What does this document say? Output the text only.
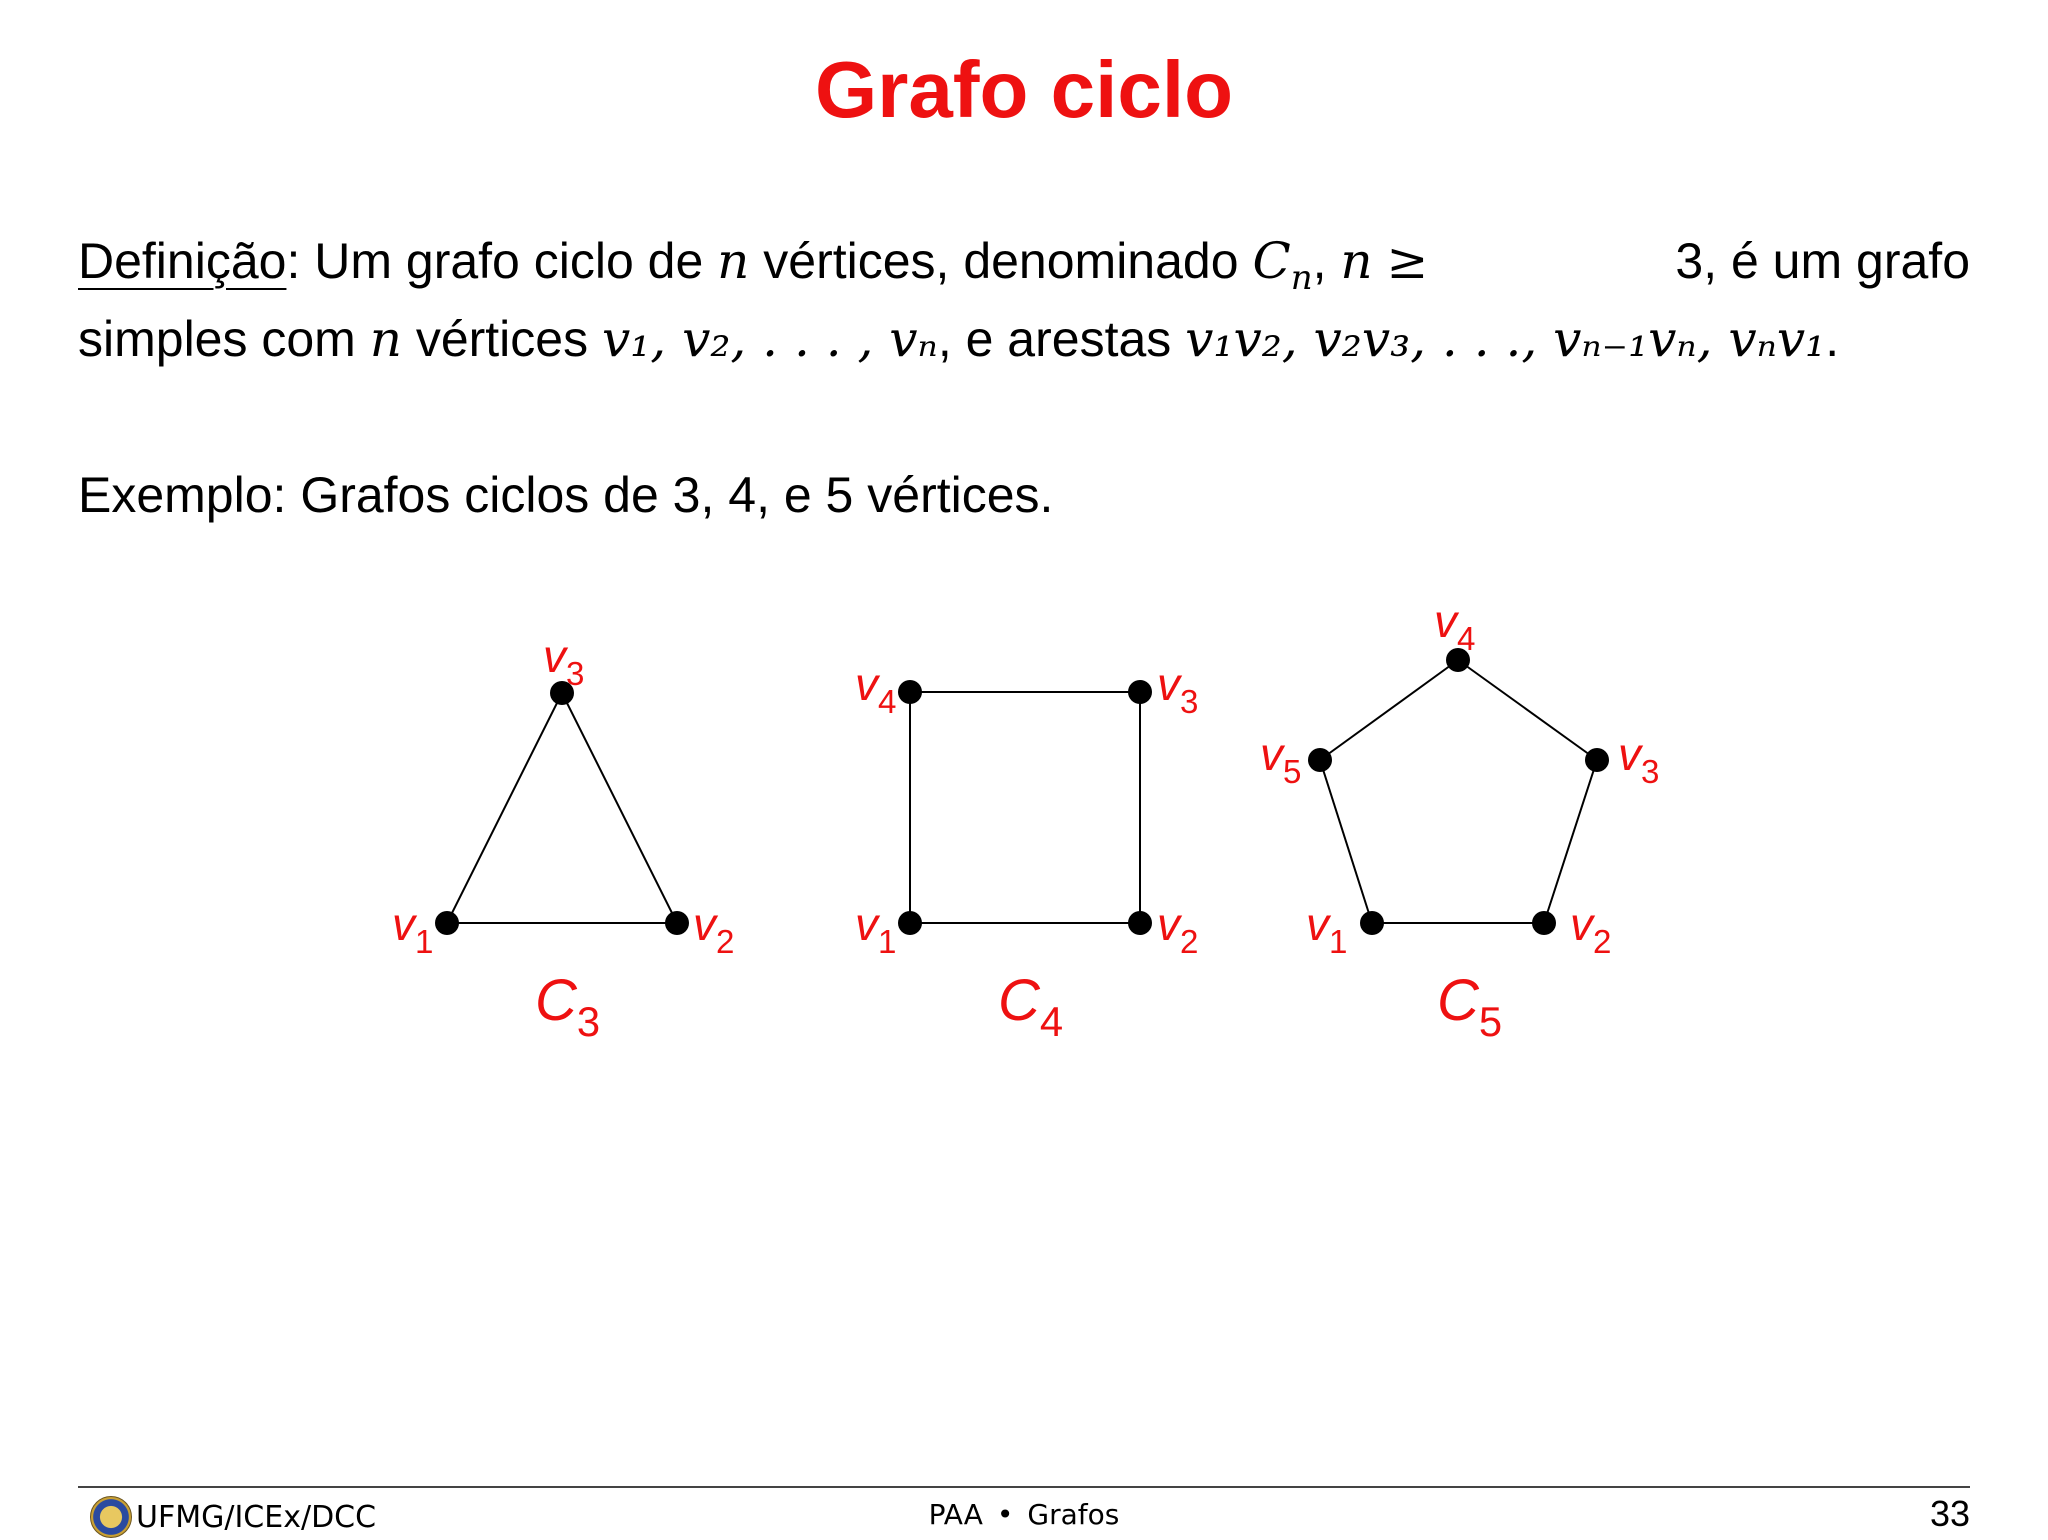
Grafo ciclo
Definição: Um grafo ciclo de n vértices, denominado $C_n$, n ≥	3, é um grafo
simples com n vértices v₁, v₂, . . . , vₙ, e arestas v₁v₂, v₂v₃, . . ., vₙ₋₁vₙ, vₙv₁.
Exemplo: Grafos ciclos de 3, 4, e 5 vértices.
$v_1$	$v_2$
$v_3$
$C_3$
$v_1$	$v_2$
$v_3$
$v_4$
$C_4$
$v_1$	$v_2$
$v_3$
$v_4$
$v_5$
$C_5$
UFMG/ICEx/DCC	PAA • Grafos	33
